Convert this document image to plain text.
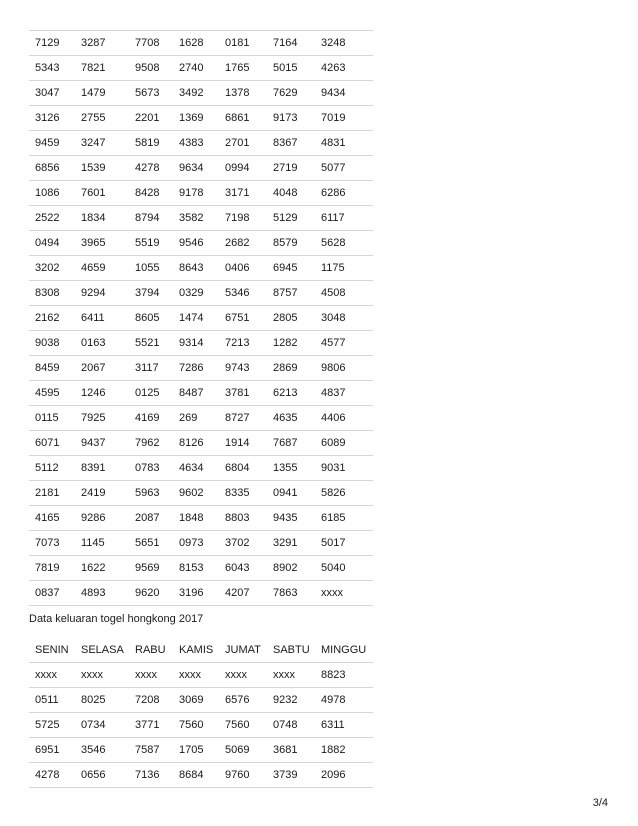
7129	3287	7708	1628	0181	7164	3248
5343	7821	9508	2740	1765	5015	4263
3047	1479	5673	3492	1378	7629	9434
3126	2755	2201	1369	6861	9173	7019
9459	3247	5819	4383	2701	8367	4831
6856	1539	4278	9634	0994	2719	5077
1086	7601	8428	9178	3171	4048	6286
2522	1834	8794	3582	7198	5129	6117
0494	3965	5519	9546	2682	8579	5628
3202	4659	1055	8643	0406	6945	1175
8308	9294	3794	0329	5346	8757	4508
2162	6411	8605	1474	6751	2805	3048
9038	0163	5521	9314	7213	1282	4577
8459	2067	3117	7286	9743	2869	9806
4595	1246	0125	8487	3781	6213	4837
0115	7925	4169	269	8727	4635	4406
6071	9437	7962	8126	1914	7687	6089
5112	8391	0783	4634	6804	1355	9031
2181	2419	5963	9602	8335	0941	5826
4165	9286	2087	1848	8803	9435	6185
7073	1145	5651	0973	3702	3291	5017
7819	1622	9569	8153	6043	8902	5040
0837	4893	9620	3196	4207	7863	xxxx
Data keluaran togel hongkong 2017
SENIN	SELASA	RABU	KAMIS	JUMAT	SABTU	MINGGU
xxxx	xxxx	xxxx	xxxx	xxxx	xxxx	8823
0511	8025	7208	3069	6576	9232	4978
5725	0734	3771	7560	7560	0748	6311
6951	3546	7587	1705	5069	3681	1882
4278	0656	7136	8684	9760	3739	2096
3/4
